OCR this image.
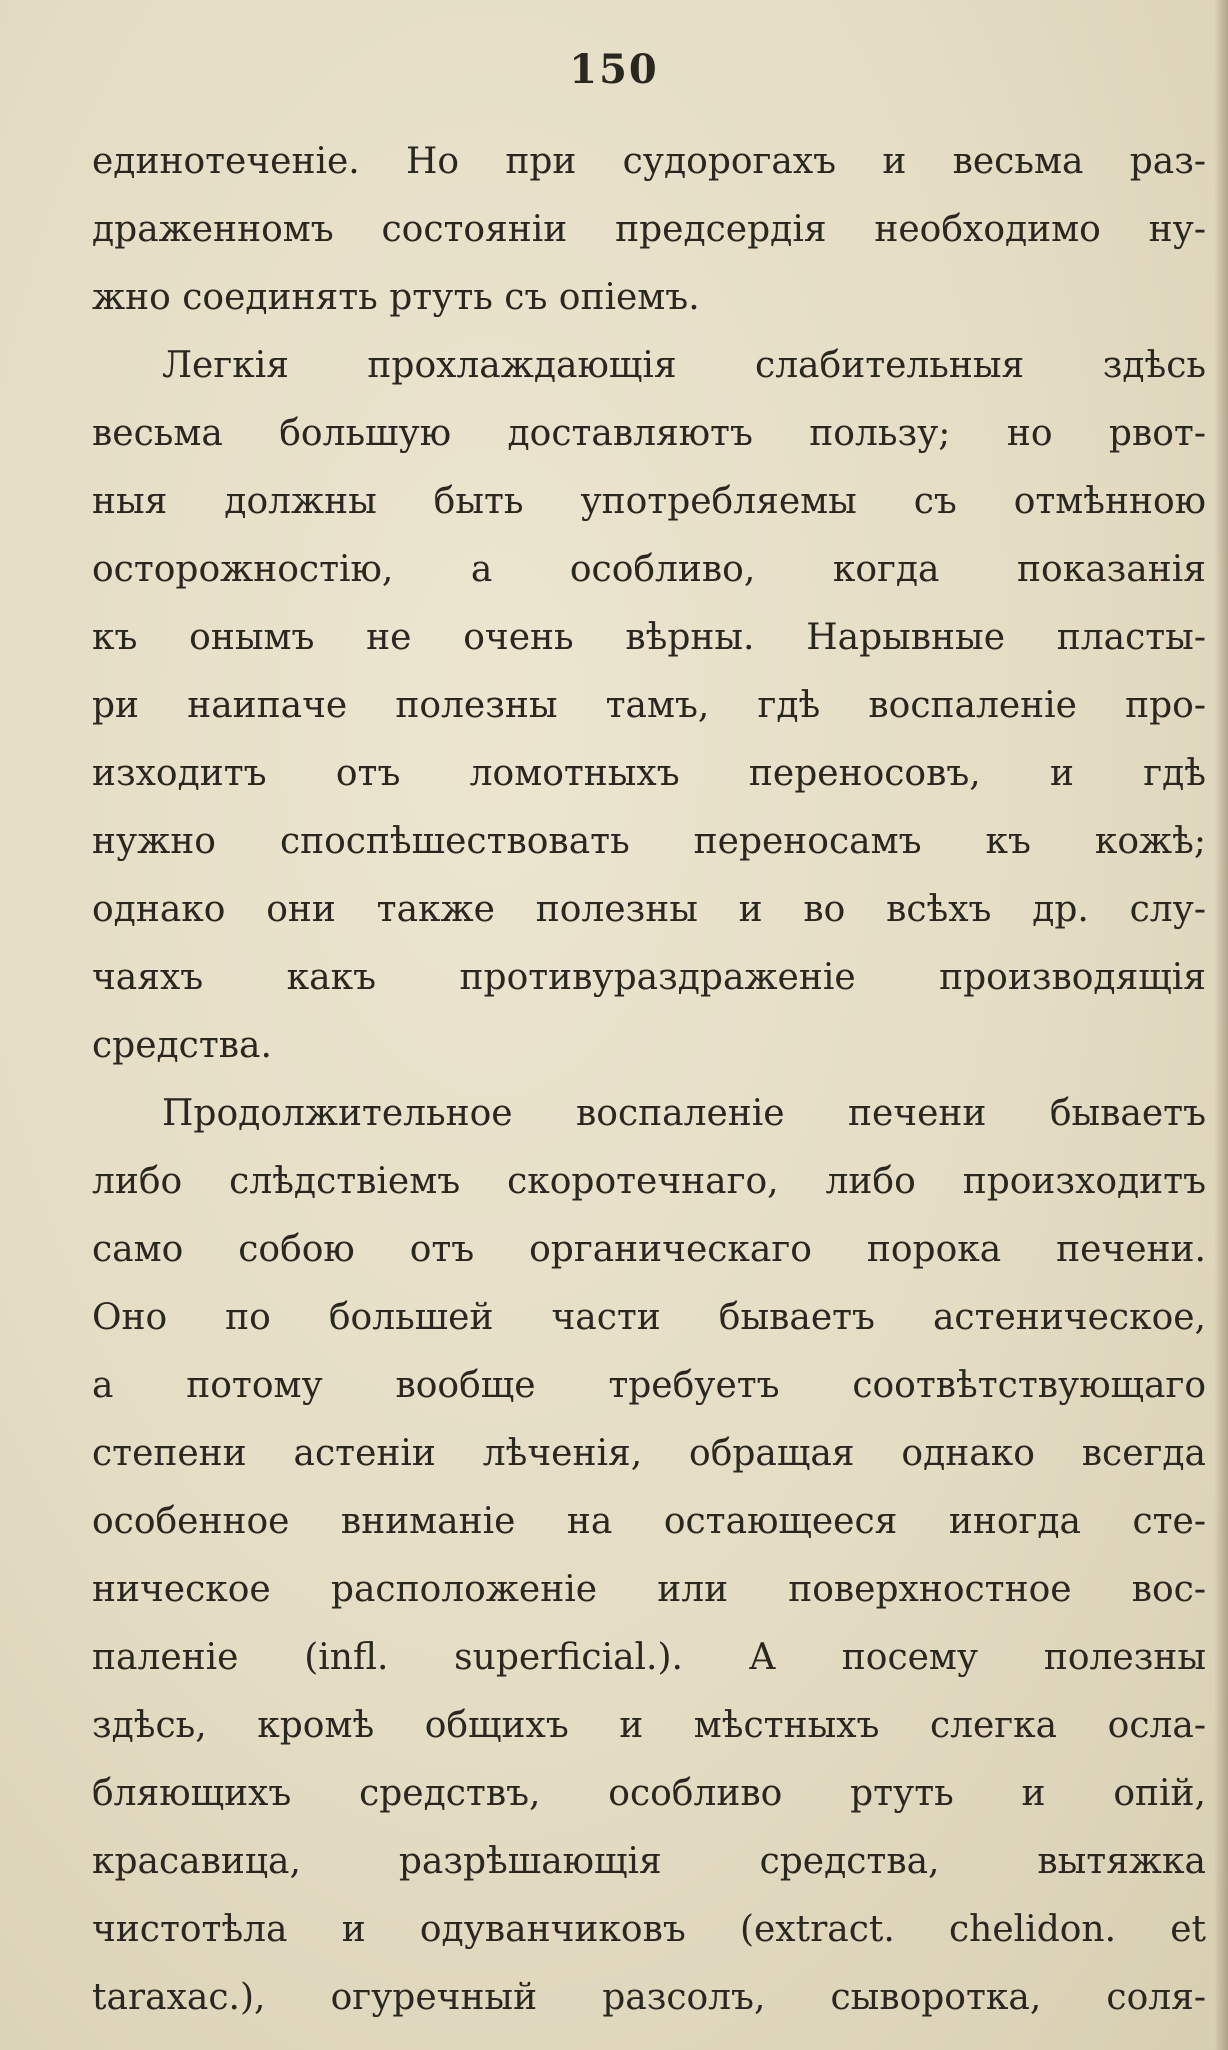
150
единотеченіе. Но при судорогахъ и весьма раз-
драженномъ состояніи предсердія необходимо ну-
жно соединять ртуть съ опіемъ.
Легкія прохлаждающія слабительныя здѣсь
весьма большую доставляютъ пользу; но рвот-
ныя должны быть употребляемы съ отмѣнною
осторожностію, а особливо, когда показанія
къ онымъ не очень вѣрны. Нарывные пласты-
ри наипаче полезны тамъ, гдѣ воспаленіе про-
изходитъ отъ ломотныхъ переносовъ, и гдѣ
нужно споспѣшествовать переносамъ къ кожѣ;
однако они также полезны и во всѣхъ др. слу-
чаяхъ какъ противураздраженіе производящія
средства.
Продолжительное воспаленіе печени бываетъ
либо слѣдствіемъ скоротечнаго, либо произходитъ
само собою отъ органическаго порока печени.
Оно по большей части бываетъ астеническое,
а потому вообще требуетъ соотвѣтствующаго
степени астеніи лѣченія, обращая однако всегда
особенное вниманіе на остающееся иногда сте-
ническое расположеніе или поверхностное вос-
паленіе (infl. superficial.). А посему полезны
здѣсь, кромѣ общихъ и мѣстныхъ слегка осла-
бляющихъ средствъ, особливо ртуть и опій,
красавица, разрѣшающія средства, вытяжка
чистотѣла и одуванчиковъ (extract. chelidon. et
taraxac.), огуречный разсолъ, сыворотка, соля-
